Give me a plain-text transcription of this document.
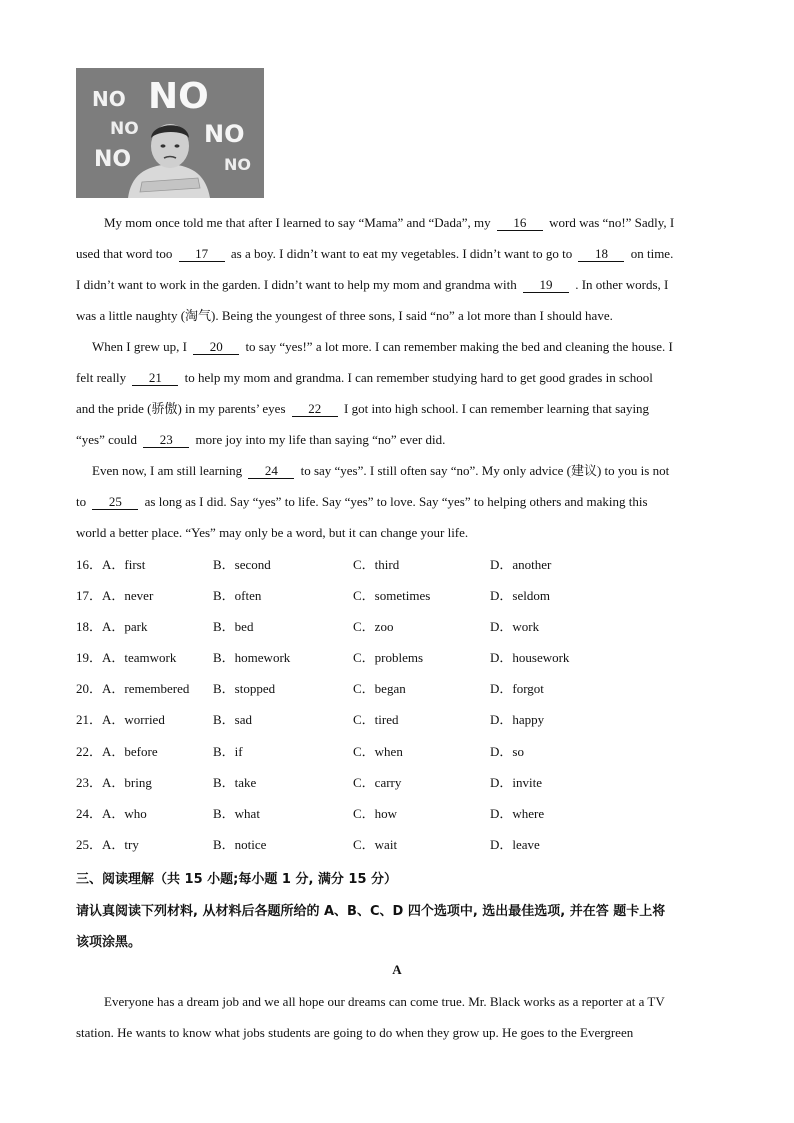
NO NO
NO	NO
NO	NO
My mom once told me that after I learned to say “Mama” and “Dada”, my 16 word was “no!” Sadly, I
used that word too 17 as a boy. I didn’t want to eat my vegetables. I didn’t want to go to 18 on time.
I didn’t want to work in the garden. I didn’t want to help my mom and grandma with 19 . In other words, I
was a little naughty (淘气). Being the youngest of three sons, I said “no” a lot more than I should have.
When I grew up, I 20 to say “yes!” a lot more. I can remember making the bed and cleaning the house. I
felt really 21 to help my mom and grandma. I can remember studying hard to get good grades in school
and the pride (骄傲) in my parents’ eyes 22 I got into high school. I can remember learning that saying
“yes” could 23 more joy into my life than saying “no” ever did.
Even now, I am still learning 24 to say “yes”. I still often say “no”. My only advice (建议) to you is not
to 25 as long as I did. Say “yes” to life. Say “yes” to love. Say “yes” to helping others and making this
world a better place. “Yes” may only be a word, but it can change your life.
16．A．first	B．second	C．third	D．another
17．A．never	B．often	C．sometimes	D．seldom
18．A．park	B．bed	C．zoo	D．work
19．A．teamwork	B．homework	C．problems	D．housework
20．A．remembered B．stopped	C．began	D．forgot
21．A．worried	B．sad	C．tired	D．happy
22．A．before	B．if	C．when	D．so
23．A．bring	B．take	C．carry	D．invite
24．A．who	B．what	C．how	D．where
25．A．try	B．notice	C．wait	D．leave
三、阅读理解（共 15 小题;每小题 1 分, 满分 15 分）
请认真阅读下列材料, 从材料后各题所给的 A、B、C、D 四个选项中, 选出最佳选项, 并在答 题卡上将
该项涂黑。
A
Everyone has a dream job and we all hope our dreams can come true. Mr. Black works as a reporter at a TV
station. He wants to know what jobs students are going to do when they grow up. He goes to the Evergreen
